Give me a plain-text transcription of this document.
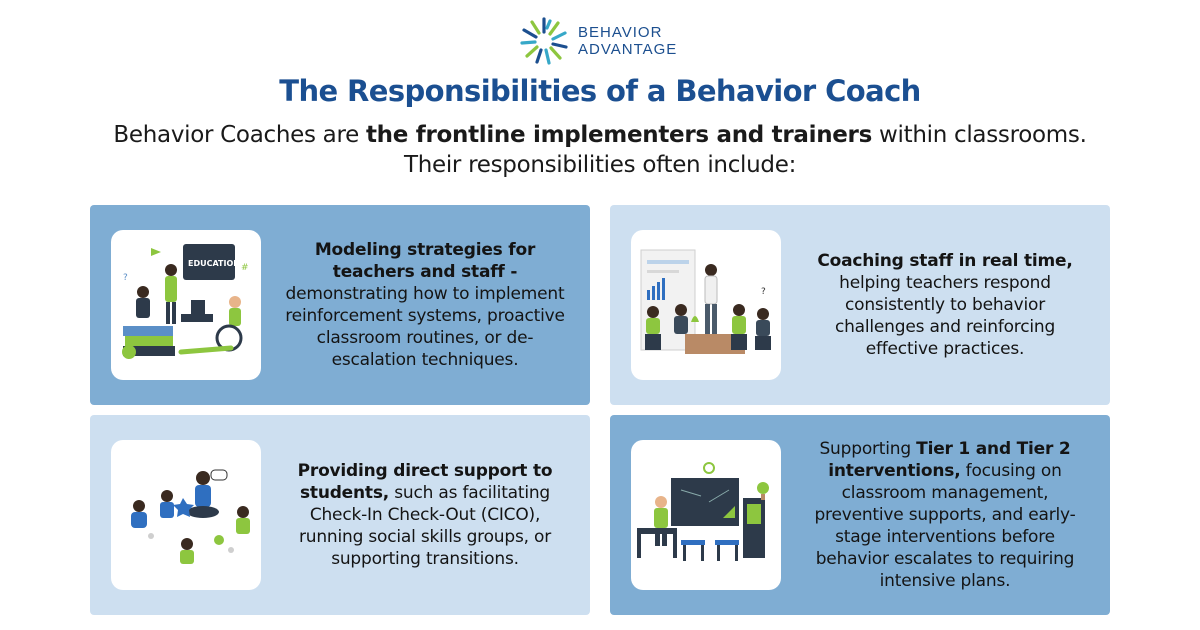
BEHAVIOR
ADVANTAGE
The Responsibilities of a Behavior Coach
Behavior Coaches are the frontline implementers and trainers within classrooms. Their responsibilities often include:
EDUCATION
?
#
Modeling strategies for teachers and staff - demonstrating how to implement reinforcement systems, proactive classroom routines, or de-escalation techniques.
?
Coaching staff in real time, helping teachers respond consistently to behavior challenges and reinforcing effective practices.
Providing direct support to students, such as facilitating Check-In Check-Out (CICO), running social skills groups, or supporting transitions.
Supporting Tier 1 and Tier 2 interventions, focusing on classroom management, preventive supports, and early-stage interventions before behavior escalates to requiring intensive plans.
